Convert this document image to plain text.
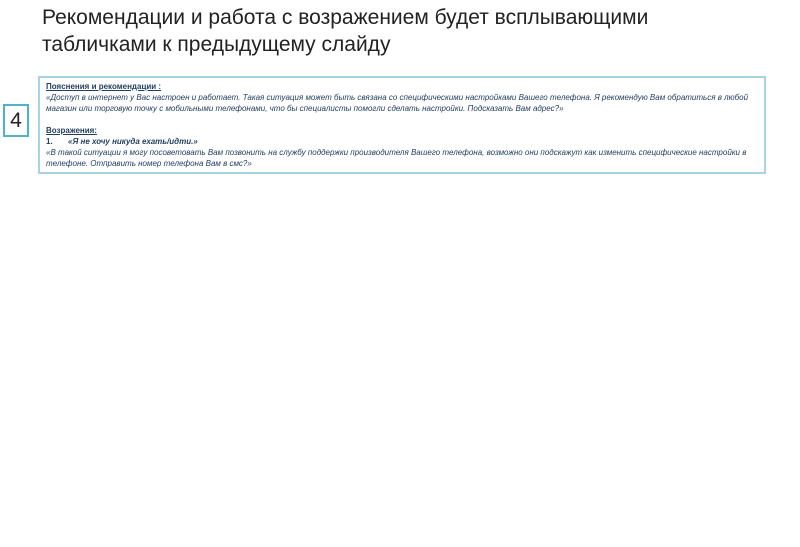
Рекомендации и работа с возражением будет всплывающими табличками к предыдущему слайду
4
Пояснения и рекомендации :
«Доступ в интернет у Вас настроен и работает. Такая ситуация может быть связана со специфическими настройками Вашего телефона. Я рекомендую Вам обратиться в любой магазин или торговую точку с мобильными телефонами, что бы специалисты помогли сделать настройки. Подсказать Вам адрес?»
Возражения:
1.	«Я не хочу никуда ехать/идти.»
«В такой ситуации я могу посоветовать Вам позвонить на службу поддержки производителя Вашего телефона, возможно они подскажут как изменить специфические настройки в телефоне. Отправить номер телефона Вам в смс?»
